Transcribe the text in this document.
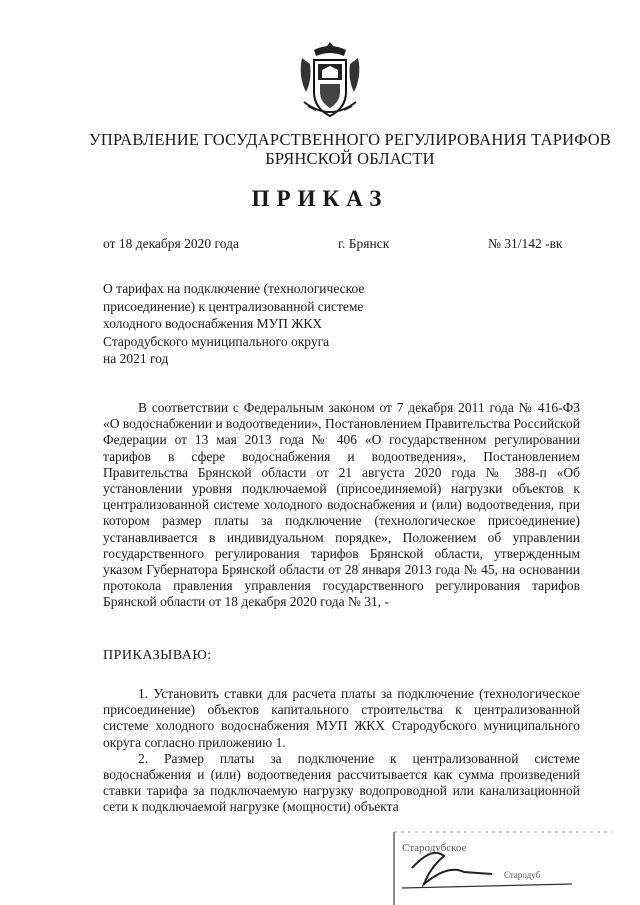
УПРАВЛЕНИЕ ГОСУДАРСТВЕННОГО РЕГУЛИРОВАНИЯ ТАРИФОВ
БРЯНСКОЙ ОБЛАСТИ
ПРИКАЗ
от 18 декабря 2020 года	г. Брянск	№ 31/142 -вк
О тарифах на подключение (технологическое
присоединение) к централизованной системе
холодного водоснабжения МУП ЖКХ
Стародубского муниципального округа
на 2021 год

В соответствии с Федеральным законом от 7 декабря 2011 года № 416-ФЗ «О водоснабжении и водоотведении», Постановлением Правительства Российской Федерации от 13 мая 2013 года № 406 «О государственном регулировании тарифов в сфере водоснабжения и водоотведения», Постановлением Правительства Брянской области от 21 августа 2020 года № 388-п «Об установлении уровня подключаемой (присоединяемой) нагрузки объектов к централизованной системе холодного водоснабжения и (или) водоотведения, при котором размер платы за подключение (технологическое присоединение) устанавливается в индивидуальном порядке», Положением об управлении государственного регулирования тарифов Брянской области, утвержденным указом Губернатора Брянской области от 28 января 2013 года № 45, на основании протокола правления управления государственного регулирования тарифов Брянской области от 18 декабря 2020 года № 31, -

ПРИКАЗЫВАЮ:

1. Установить ставки для расчета платы за подключение (технологическое присоединение) объектов капитального строительства к централизованной системе холодного водоснабжения МУП ЖКХ Стародубского муниципального округа согласно приложению 1.

2. Размер платы за подключение к централизованной системе водоснабжения и (или) водоотведения рассчитывается как сумма произведений ставки тарифа за подключаемую нагрузку водопроводной или канализационной сети к подключаемой нагрузке (мощности) объекта

Стародубское
Стародуб
